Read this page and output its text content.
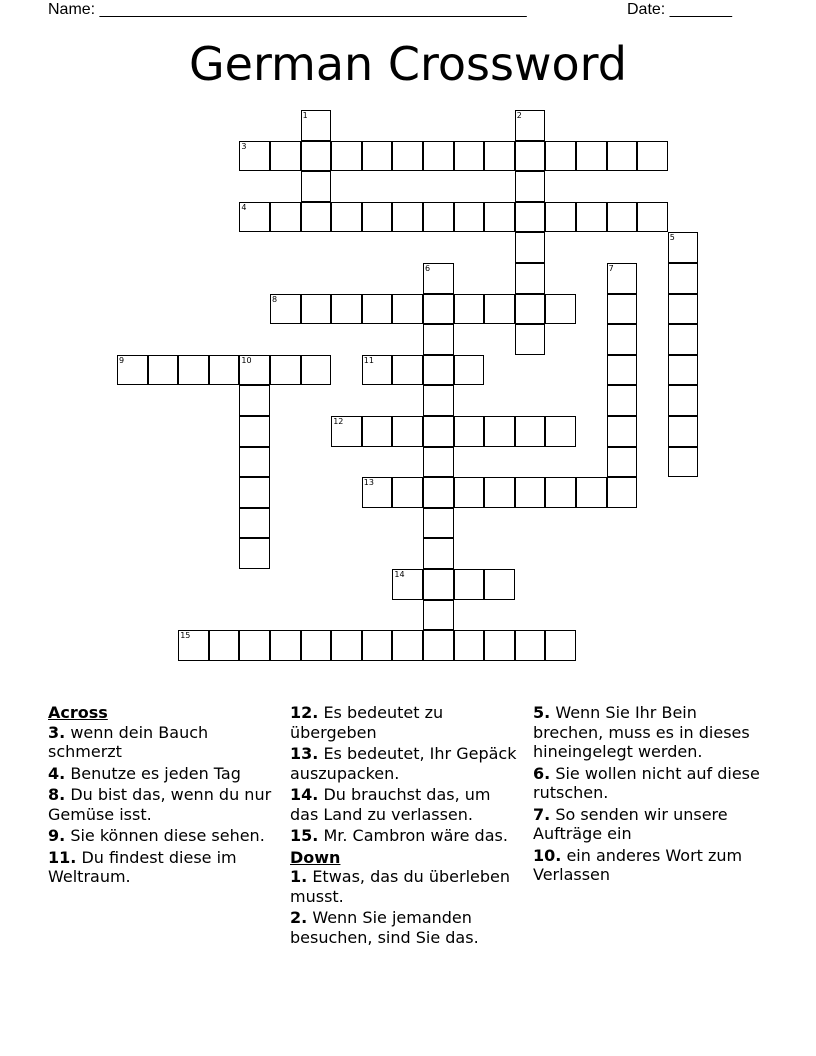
Name: ________________________________________________	Date: _______
German Crossword
1	2
3
4
5
6	7
8
9	10	11
12
13
14
15
Across
3. wenn dein Bauch schmerzt
4. Benutze es jeden Tag
8. Du bist das, wenn du nur Gemüse isst.
9. Sie können diese sehen.
11. Du findest diese im Weltraum.
12. Es bedeutet zu übergeben
13. Es bedeutet, Ihr Gepäck auszupacken.
14. Du brauchst das, um das Land zu verlassen.
15. Mr. Cambron wäre das.
Down
1. Etwas, das du überleben musst.
2. Wenn Sie jemanden besuchen, sind Sie das.
5. Wenn Sie Ihr Bein brechen, muss es in dieses hineingelegt werden.
6. Sie wollen nicht auf diese rutschen.
7. So senden wir unsere Aufträge ein
10. ein anderes Wort zum Verlassen
